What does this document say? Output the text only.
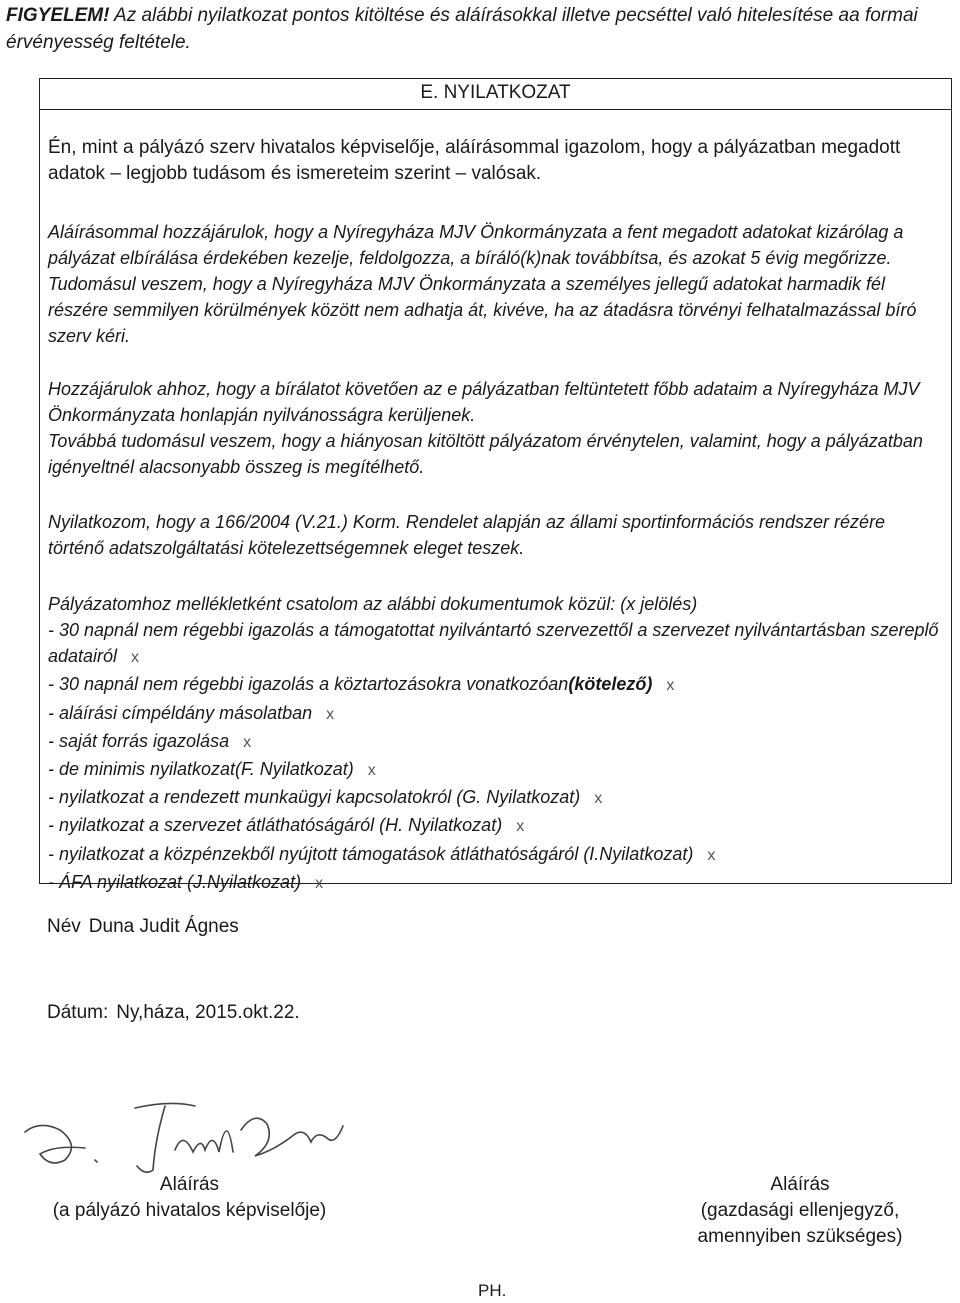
FIGYELEM! Az alábbi nyilatkozat pontos kitöltése és aláírásokkal illetve pecséttel való hitelesítése aa formai érvényesség feltétele.

E. NYILATKOZAT

Én, mint a pályázó szerv hivatalos képviselője, aláírásommal igazolom, hogy a pályázatban megadott adatok – legjobb tudásom és ismereteim szerint – valósak.

Aláírásommal hozzájárulok, hogy a Nyíregyháza MJV Önkormányzata a fent megadott adatokat kizárólag a pályázat elbírálása érdekében kezelje, feldolgozza, a bíráló(k)nak továbbítsa, és azokat 5 évig megőrizze. Tudomásul veszem, hogy a Nyíregyháza MJV Önkormányzata a személyes jellegű adatokat harmadik fél részére semmilyen körülmények között nem adhatja át, kivéve, ha az átadásra törvényi felhatalmazással bíró szerv kéri.

Hozzájárulok ahhoz, hogy a bírálatot követően az e pályázatban feltüntetett főbb adataim a Nyíregyháza MJV Önkormányzata honlapján nyilvánosságra kerüljenek.

Továbbá tudomásul veszem, hogy a hiányosan kitöltött pályázatom érvénytelen, valamint, hogy a pályázatban igényeltnél alacsonyabb összeg is megítélhető.

Nyilatkozom, hogy a 166/2004 (V.21.) Korm. Rendelet alapján az állami sportinformációs rendszer rézére történő adatszolgáltatási kötelezettségemnek eleget teszek.

Pályázatomhoz mellékletként csatolom az alábbi dokumentumok közül: (x jelölés)

- 30 napnál nem régebbi igazolás a támogatottat nyilvántartó szervezettől a szervezet nyilvántartásban szereplő adatairól x
- 30 napnál nem régebbi igazolás a köztartozásokra vonatkozóan(kötelező) x
- aláírási címpéldány másolatban x
- saját forrás igazolása x
- de minimis nyilatkozat(F. Nyilatkozat) x
- nyilatkozat a rendezett munkaügyi kapcsolatokról (G. Nyilatkozat) x
- nyilatkozat a szervezet átláthatóságáról (H. Nyilatkozat) x
- nyilatkozat a közpénzekből nyújtott támogatások átláthatóságáról (I.Nyilatkozat) x
- ÁFA nyilatkozat (J.Nyilatkozat) x

Név Duna Judit Ágnes

Dátum: Ny,háza, 2015.okt.22.

Aláírás
(a pályázó hivatalos képviselője)
Aláírás
(gazdasági ellenjegyző, amennyiben szükséges)

PH.
